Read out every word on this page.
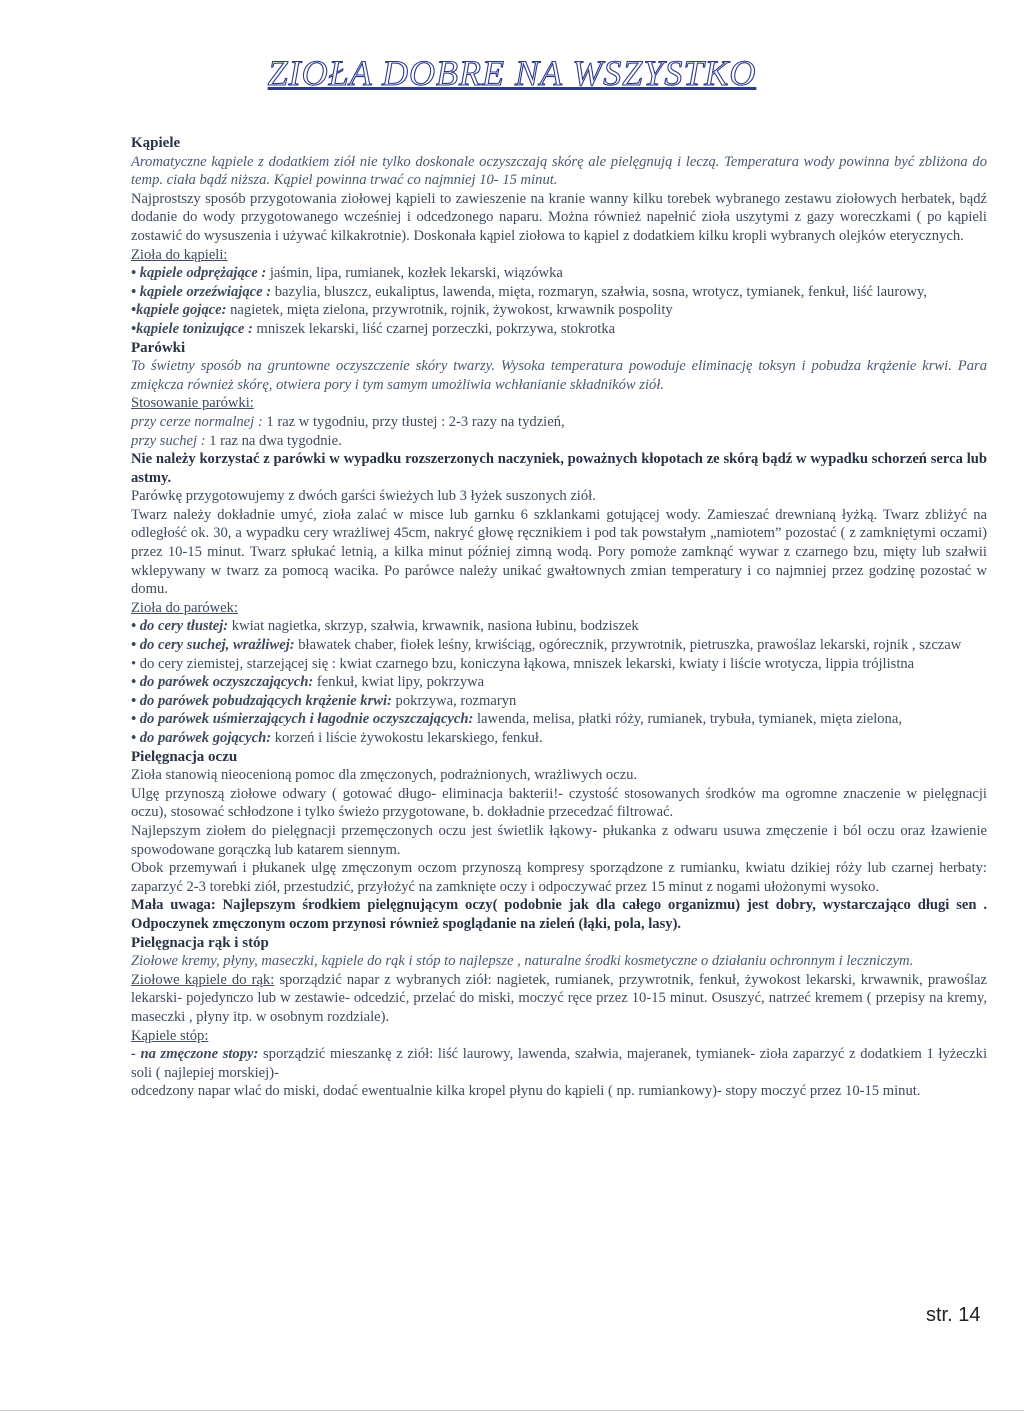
ZIOŁA DOBRE NA WSZYSTKO

Kąpiele

Aromatyczne kąpiele z dodatkiem ziół nie tylko doskonale oczyszczają skórę ale pielęgnują i leczą. Temperatura wody powinna być zbliżona do temp. ciała bądź niższa. Kąpiel powinna trwać co najmniej 10- 15 minut.

Najprostszy sposób przygotowania ziołowej kąpieli to zawieszenie na kranie wanny kilku torebek wybranego zestawu ziołowych herbatek, bądź dodanie do wody przygotowanego wcześniej i odcedzonego naparu. Można również napełnić zioła uszytymi z gazy woreczkami ( po kąpieli zostawić do wysuszenia i używać kilkakrotnie). Doskonała kąpiel ziołowa to kąpiel z dodatkiem kilku kropli wybranych olejków eterycznych.

Zioła do kąpieli:

• kąpiele odprężające : jaśmin, lipa, rumianek, kozłek lekarski, wiązówka

• kąpiele orzeźwiające : bazylia, bluszcz, eukaliptus, lawenda, mięta, rozmaryn, szałwia, sosna, wrotycz, tymianek, fenkuł, liść laurowy,

•kąpiele gojące: nagietek, mięta zielona, przywrotnik, rojnik, żywokost, krwawnik pospolity

•kąpiele tonizujące : mniszek lekarski, liść czarnej porzeczki, pokrzywa, stokrotka

Parówki

To świetny sposób na gruntowne oczyszczenie skóry twarzy. Wysoka temperatura powoduje eliminację toksyn i pobudza krążenie krwi. Para zmiękcza również skórę, otwiera pory i tym samym umożliwia wchłanianie składników ziół.

Stosowanie parówki:

przy cerze normalnej : 1 raz w tygodniu, przy tłustej : 2-3 razy na tydzień,

przy suchej : 1 raz na dwa tygodnie.

Nie należy korzystać z parówki w wypadku rozszerzonych naczyniek, poważnych kłopotach ze skórą bądź w wypadku schorzeń serca lub astmy.

Parówkę przygotowujemy z dwóch garści świeżych lub 3 łyżek suszonych ziół.

Twarz należy dokładnie umyć, zioła zalać w misce lub garnku 6 szklankami gotującej wody. Zamieszać drewnianą łyżką. Twarz zbliżyć na odległość ok. 30, a wypadku cery wrażliwej 45cm, nakryć głowę ręcznikiem i pod tak powstałym „namiotem” pozostać ( z zamkniętymi oczami) przez 10-15 minut. Twarz spłukać letnią, a kilka minut później zimną wodą. Pory pomoże zamknąć wywar z czarnego bzu, mięty lub szałwii wklepywany w twarz za pomocą wacika. Po parówce należy unikać gwałtownych zmian temperatury i co najmniej przez godzinę pozostać w domu.

Zioła do parówek:

• do cery tłustej: kwiat nagietka, skrzyp, szałwia, krwawnik, nasiona łubinu, bodziszek

• do cery suchej, wrażliwej: bławatek chaber, fiołek leśny, krwiściąg, ogórecznik, przywrotnik, pietruszka, prawoślaz lekarski, rojnik , szczaw

• do cery ziemistej, starzejącej się : kwiat czarnego bzu, koniczyna łąkowa, mniszek lekarski, kwiaty i liście wrotycza, lippia trójlistna

• do parówek oczyszczających: fenkuł, kwiat lipy, pokrzywa

• do parówek pobudzających krążenie krwi: pokrzywa, rozmaryn

• do parówek uśmierzających i łagodnie oczyszczających: lawenda, melisa, płatki róży, rumianek, trybuła, tymianek, mięta zielona,

• do parówek gojących: korzeń i liście żywokostu lekarskiego, fenkuł.

Pielęgnacja oczu

Zioła stanowią nieocenioną pomoc dla zmęczonych, podrażnionych, wrażliwych oczu.

Ulgę przynoszą ziołowe odwary ( gotować długo- eliminacja bakterii!- czystość stosowanych środków ma ogromne znaczenie w pielęgnacji oczu), stosować schłodzone i tylko świeżo przygotowane, b. dokładnie przecedzać filtrować.

Najlepszym ziołem do pielęgnacji przemęczonych oczu jest świetlik łąkowy- płukanka z odwaru usuwa zmęczenie i ból oczu oraz łzawienie spowodowane gorączką lub katarem siennym.

Obok przemywań i płukanek ulgę zmęczonym oczom przynoszą kompresy sporządzone z rumianku, kwiatu dzikiej róży lub czarnej herbaty: zaparzyć 2-3 torebki ziół, przestudzić, przyłożyć na zamknięte oczy i odpoczywać przez 15 minut z nogami ułożonymi wysoko.

Mała uwaga: Najlepszym środkiem pielęgnującym oczy( podobnie jak dla całego organizmu) jest dobry, wystarczająco długi sen . Odpoczynek zmęczonym oczom przynosi również spoglądanie na zieleń (łąki, pola, lasy).

Pielęgnacja rąk i stóp

Ziołowe kremy, płyny, maseczki, kąpiele do rąk i stóp to najlepsze , naturalne środki kosmetyczne o działaniu ochronnym i leczniczym.

Ziołowe kąpiele do rąk: sporządzić napar z wybranych ziół: nagietek, rumianek, przywrotnik, fenkuł, żywokost lekarski, krwawnik, prawoślaz lekarski- pojedynczo lub w zestawie- odcedzić, przelać do miski, moczyć ręce przez 10-15 minut. Osuszyć, natrzeć kremem ( przepisy na kremy, maseczki , płyny itp. w osobnym rozdziale).

Kąpiele stóp:

- na zmęczone stopy: sporządzić mieszankę z ziół: liść laurowy, lawenda, szałwia, majeranek, tymianek- zioła zaparzyć z dodatkiem 1 łyżeczki soli ( najlepiej morskiej)-

odcedzony napar wlać do miski, dodać ewentualnie kilka kropel płynu do kąpieli ( np. rumiankowy)- stopy moczyć przez 10-15 minut.

str. 14
